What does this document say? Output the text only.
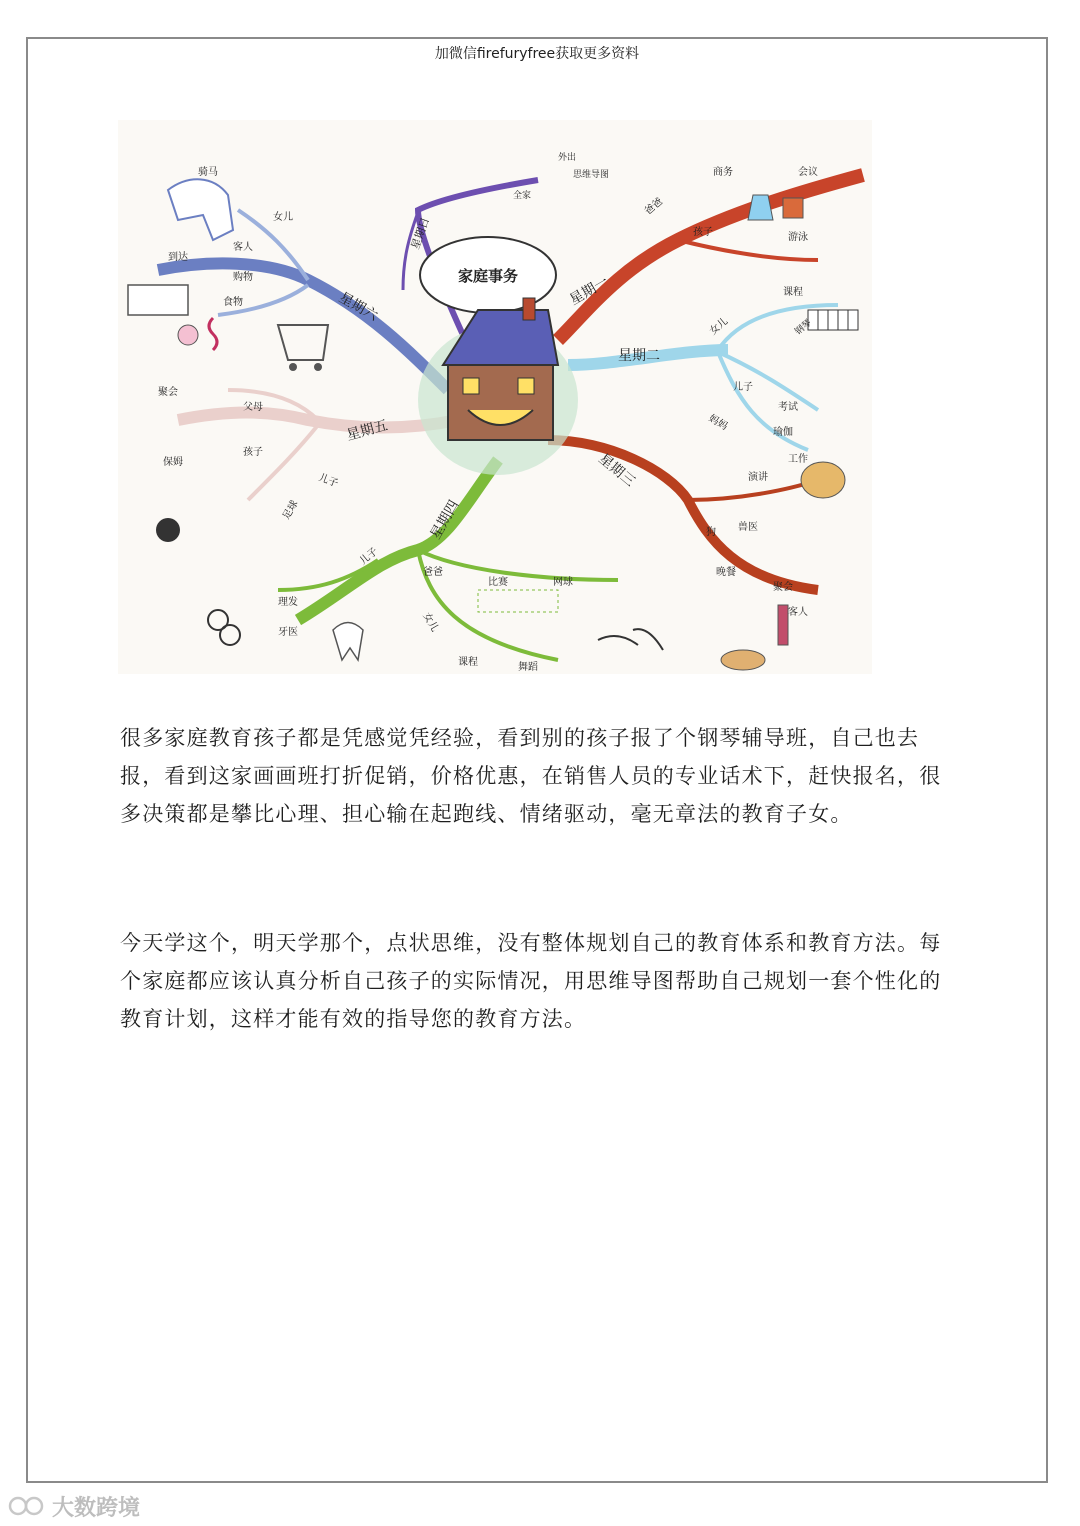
加微信firefuryfree获取更多资料
家庭事务
星期日
星期一
星期二
星期三
星期四
星期五
星期六
全家
外出
思维导图
爸爸
商务	会议
孩子	游泳
课程
女儿	钢琴
儿子
考试
妈妈	瑜伽
工作
演讲
狗 兽医
晚餐
聚会
客人
儿子
爸爸
比赛	网球
女儿
课程	舞蹈
理发
牙医
聚会
父母
孩子
保姆
儿子
足球
骑马
女儿
客人
到达
购物
食物

很多家庭教育孩子都是凭感觉凭经验，看到别的孩子报了个钢琴辅导班，自己也去报，看到这家画画班打折促销，价格优惠，在销售人员的专业话术下，赶快报名，很多决策都是攀比心理、担心输在起跑线、情绪驱动，毫无章法的教育子女。

今天学这个，明天学那个，点状思维，没有整体规划自己的教育体系和教育方法。每个家庭都应该认真分析自己孩子的实际情况，用思维导图帮助自己规划一套个性化的教育计划，这样才能有效的指导您的教育方法。

大数跨境
